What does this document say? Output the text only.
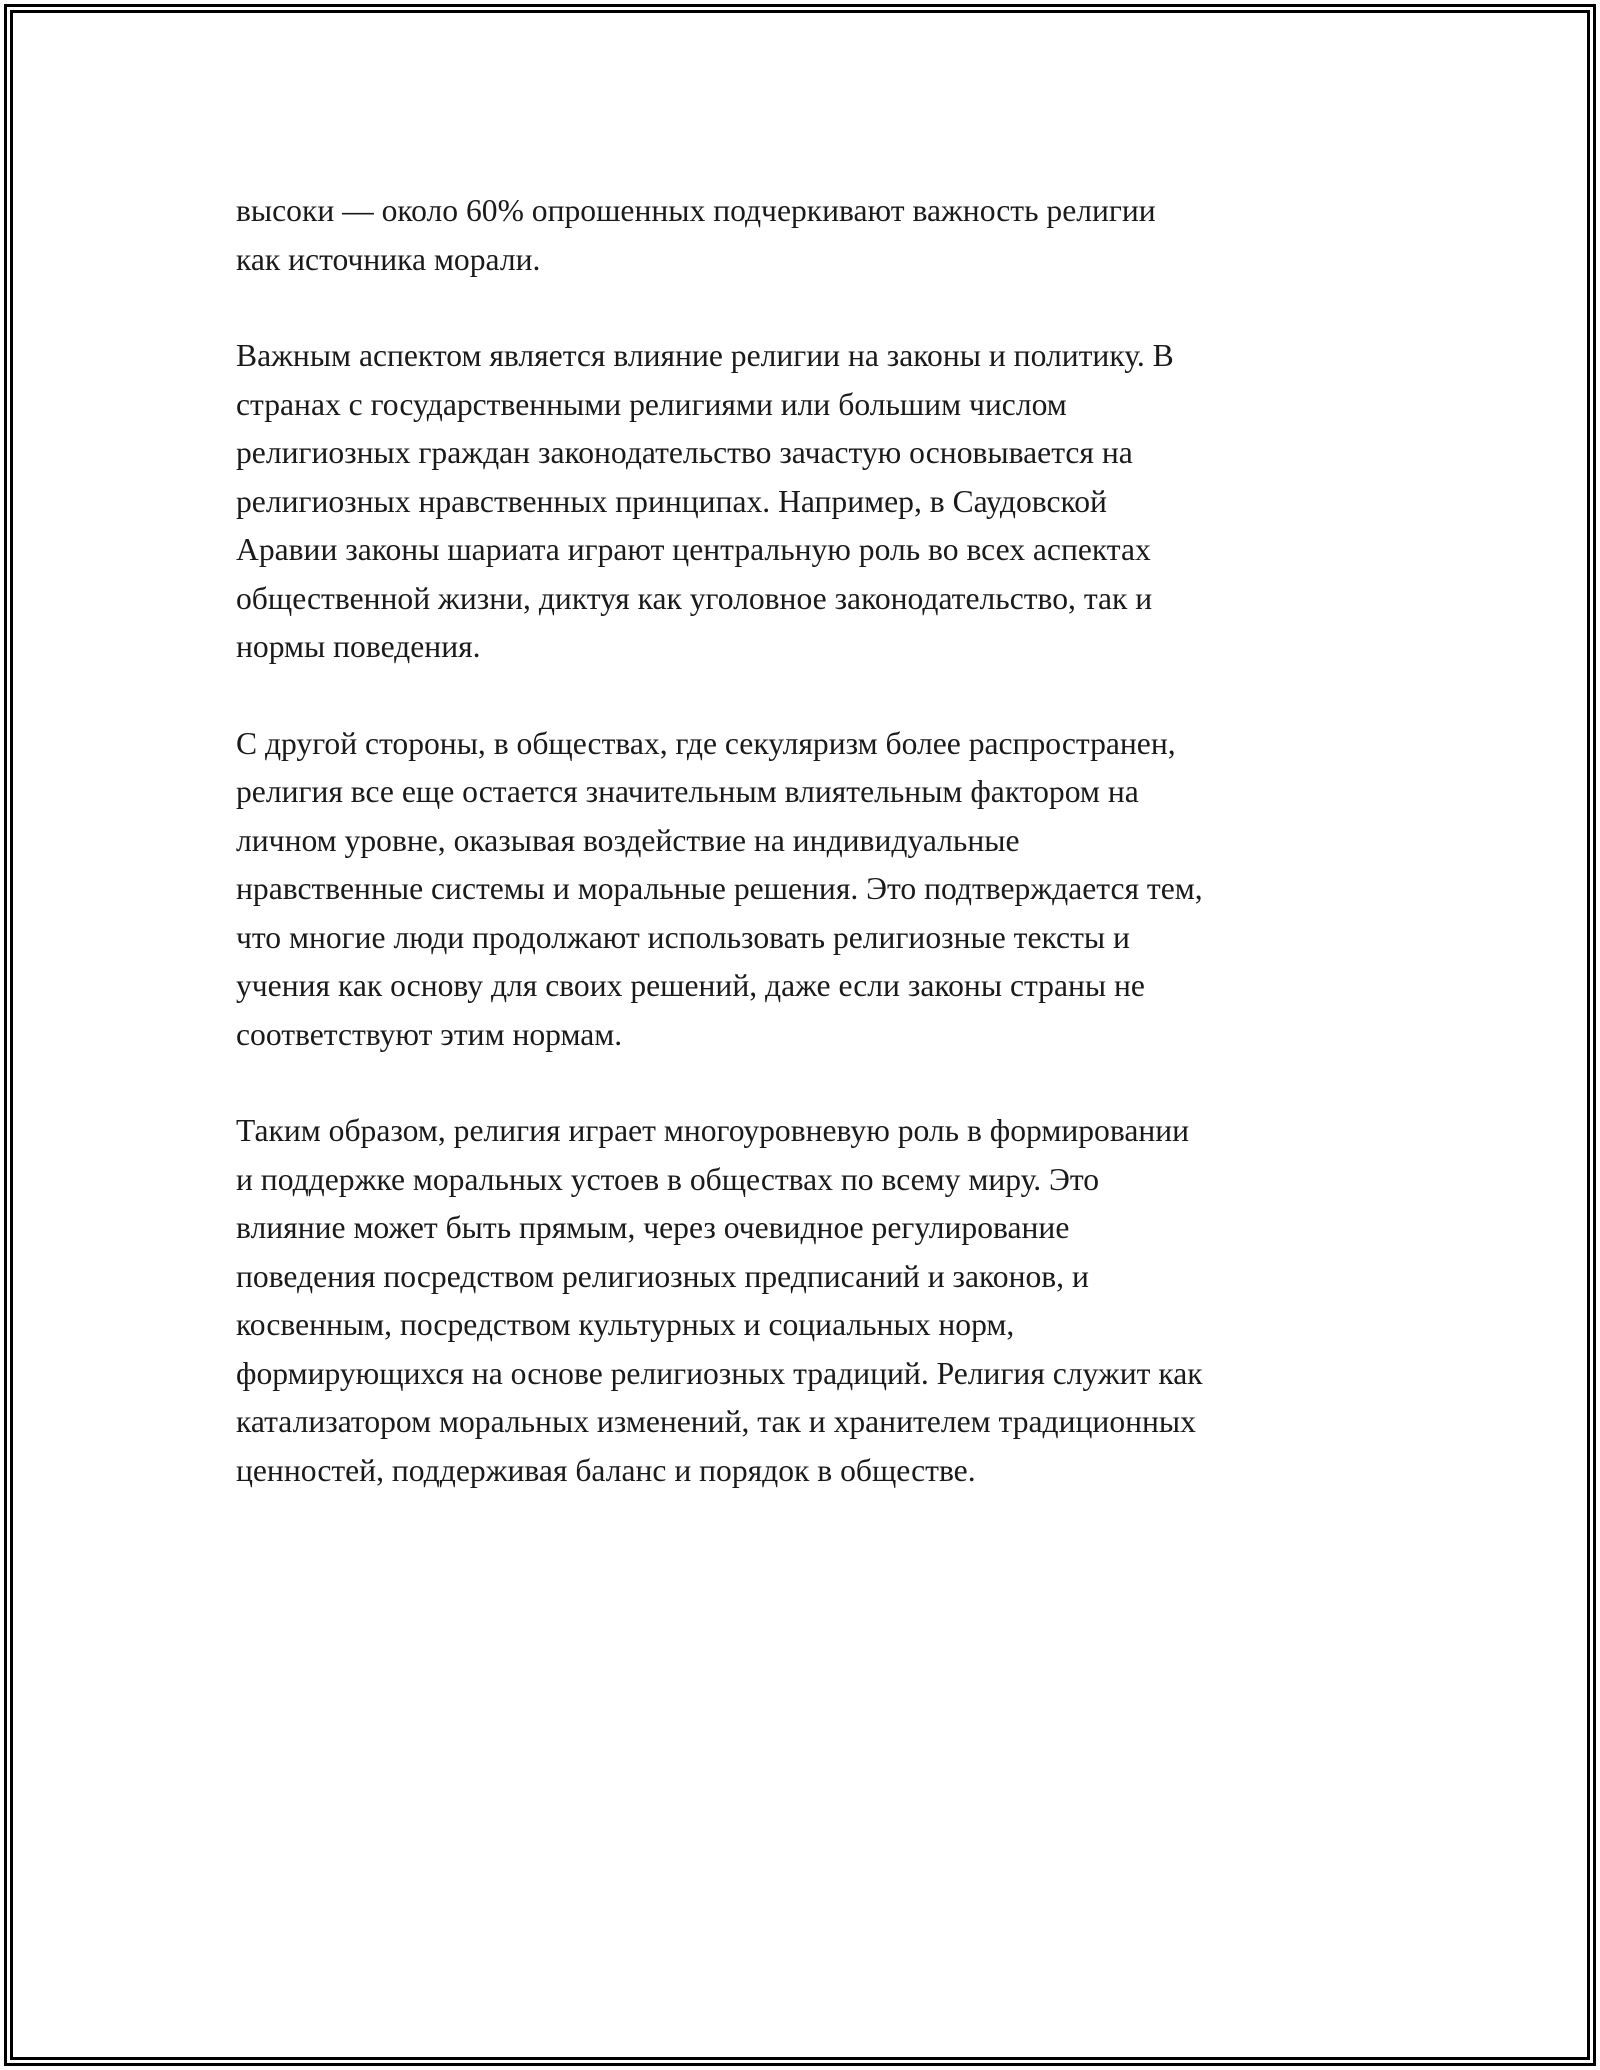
высоки — около 60% опрошенных подчеркивают важность религии
как источника морали.

Важным аспектом является влияние религии на законы и политику. В
странах с государственными религиями или большим числом
религиозных граждан законодательство зачастую основывается на
религиозных нравственных принципах. Например, в Саудовской
Аравии законы шариата играют центральную роль во всех аспектах
общественной жизни, диктуя как уголовное законодательство, так и
нормы поведения.

С другой стороны, в обществах, где секуляризм более распространен,
религия все еще остается значительным влиятельным фактором на
личном уровне, оказывая воздействие на индивидуальные
нравственные системы и моральные решения. Это подтверждается тем,
что многие люди продолжают использовать религиозные тексты и
учения как основу для своих решений, даже если законы страны не
соответствуют этим нормам.

Таким образом, религия играет многоуровневую роль в формировании
и поддержке моральных устоев в обществах по всему миру. Это
влияние может быть прямым, через очевидное регулирование
поведения посредством религиозных предписаний и законов, и
косвенным, посредством культурных и социальных норм,
формирующихся на основе религиозных традиций. Религия служит как
катализатором моральных изменений, так и хранителем традиционных
ценностей, поддерживая баланс и порядок в обществе.
